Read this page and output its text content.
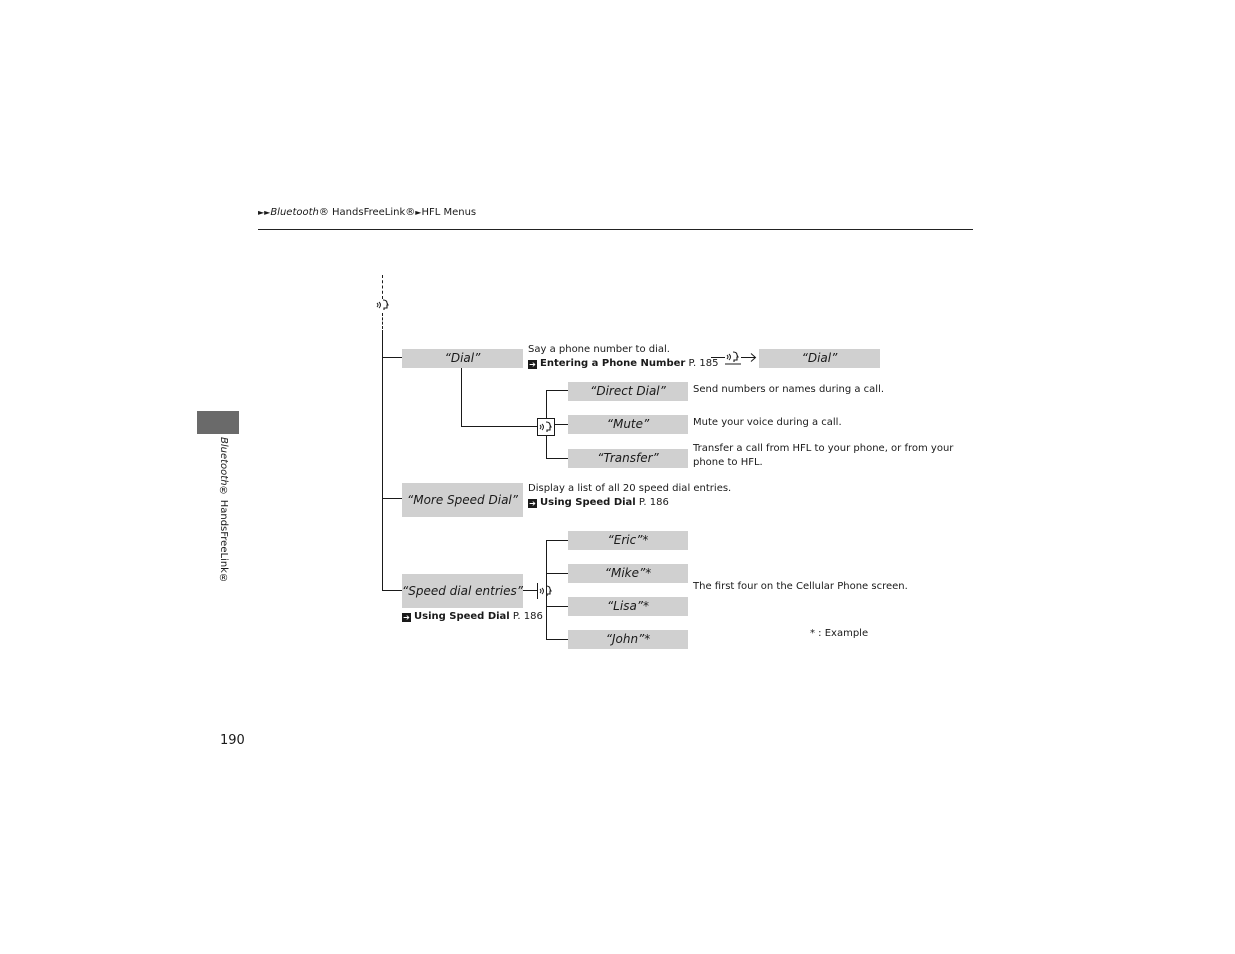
►►Bluetooth® HandsFreeLink®►HFL Menus
Bluetooth® HandsFreeLink®
190
“Dial”
Say a phone number to dial.
➔ Entering a Phone Number P. 185	“Dial”
“Direct Dial”	Send numbers or names during a call.
“Mute”	Mute your voice during a call.
“Transfer”
Transfer a call from HFL to your phone, or from your
phone to HFL.
“More Speed Dial”
Display a list of all 20 speed dial entries.
➔ Using Speed Dial P. 186
“Speed dial entries”
➔ Using Speed Dial P. 186
“Eric”*
“Mike”*
“Lisa”*
“John”*
The first four on the Cellular Phone screen.
* : Example
